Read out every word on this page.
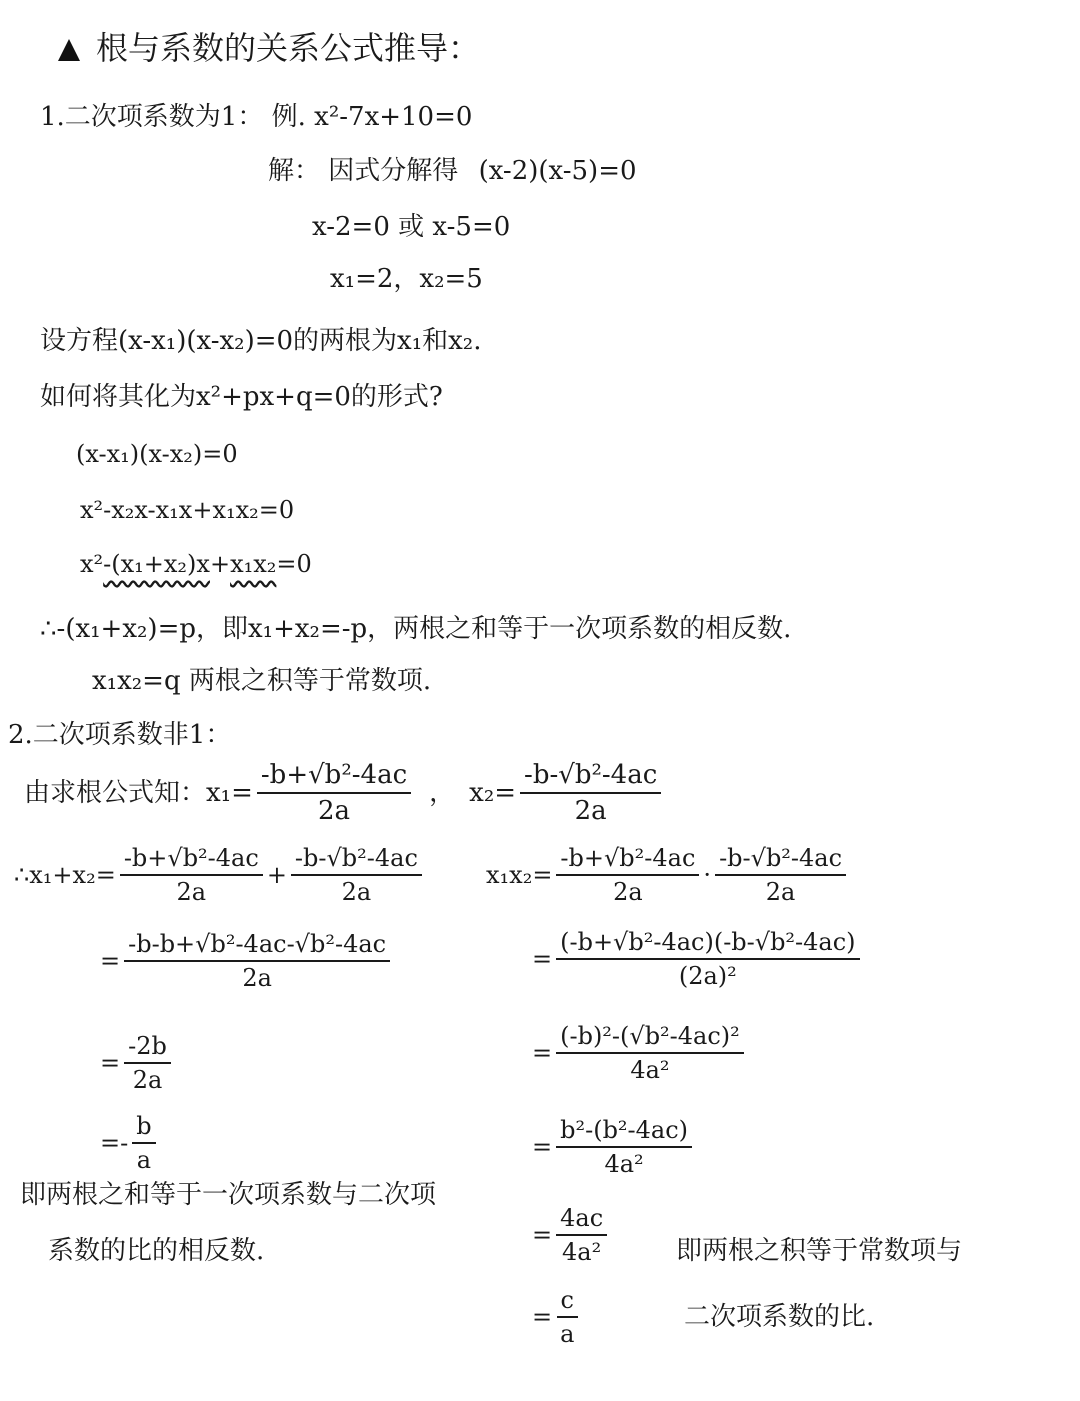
根与系数的关系公式推导：
1.二次项系数为1： 例. x²-7x+10=0
解： 因式分解得 (x-2)(x-5)=0
x-2=0 或 x-5=0
x₁=2，x₂=5
设方程(x-x₁)(x-x₂)=0的两根为x₁和x₂.
如何将其化为x²+px+q=0的形式?
(x-x₁)(x-x₂)=0
x²-x₂x-x₁x+x₁x₂=0
x²-(x₁+x₂)x+x₁x₂=0
∴-(x₁+x₂)=p，即x₁+x₂=-p，两根之和等于一次项系数的相反数.
x₁x₂=q 两根之积等于常数项.
2.二次项系数非1：
由求根公式知： $x_1= \frac{\text{-b+√b²-4ac}}{2a}$ ， $x_2= \frac{\text{-b-√b²-4ac}}{2a}$
∴x₁+x₂= $\frac{\text{-b+√b²-4ac}}{2a} + \frac{\text{-b-√b²-4ac}}{2a}$
= $\frac{\text{-b-b+√b²-4ac-√b²-4ac}}{2a}$
= $\frac{-2b}{2a}$
=- $\frac{b}{a}$
即两根之和等于一次项系数与二次项
系数的比的相反数.
$x_1x_2= \frac{\text{-b+√b²-4ac}}{2a} \cdot \frac{\text{-b-√b²-4ac}}{2a}$
= $\frac{\text{(-b+√b²-4ac)(-b-√b²-4ac)}}{\text{(2a)²}}$
= $\frac{\text{(-b)²-(√b²-4ac)²}}{\text{4a²}}$
= $\frac{\text{b²-(b²-4ac)}}{\text{4a²}}$
= $\frac{4ac}{\text{4a²}}$
= $\frac{c}{a}$
即两根之积等于常数项与
二次项系数的比.
